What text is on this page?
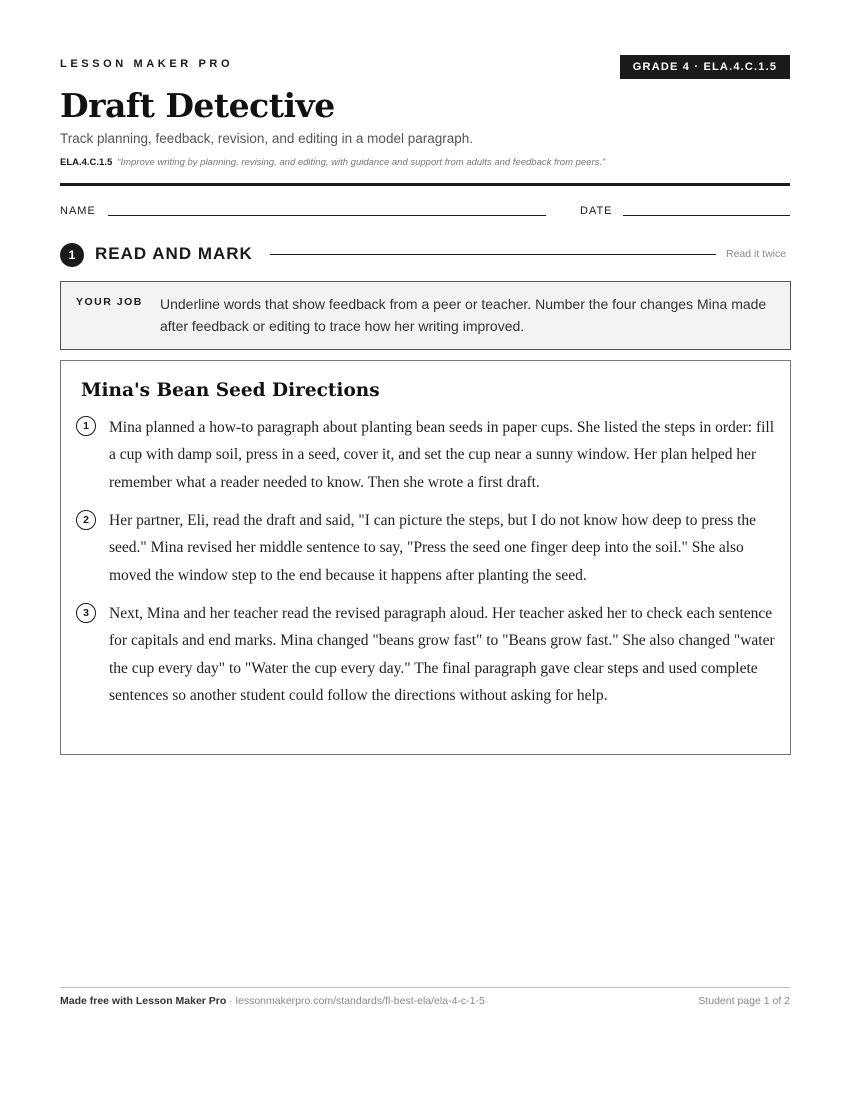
LESSON MAKER PRO	GRADE 4 · ELA.4.C.1.5
Draft Detective
Track planning, feedback, revision, and editing in a model paragraph.
ELA.4.C.1.5 “Improve writing by planning, revising, and editing, with guidance and support from adults and feedback from peers.”
NAME	DATE
1	READ AND MARK	Read it twice
YOUR JOB Underline words that show feedback from a peer or teacher. Number the four changes Mina made after feedback or editing to trace how her writing improved.
Mina's Bean Seed Directions
1	Mina planned a how-to paragraph about planting bean seeds in paper cups. She listed the steps in order: fill a cup with damp soil, press in a seed, cover it, and set the cup near a sunny window. Her plan helped her remember what a reader needed to know. Then she wrote a first draft.

2	Her partner, Eli, read the draft and said, "I can picture the steps, but I do not know how deep to press the seed." Mina revised her middle sentence to say, "Press the seed one finger deep into the soil." She also moved the window step to the end because it happens after planting the seed.

3	Next, Mina and her teacher read the revised paragraph aloud. Her teacher asked her to check each sentence for capitals and end marks. Mina changed "beans grow fast" to "Beans grow fast." She also changed "water the cup every day" to "Water the cup every day." The final paragraph gave clear steps and used complete sentences so another student could follow the directions without asking for help.

Made free with Lesson Maker Pro · lessonmakerpro.com/standards/fl-best-ela/ela-4-c-1-5	Student page 1 of 2
